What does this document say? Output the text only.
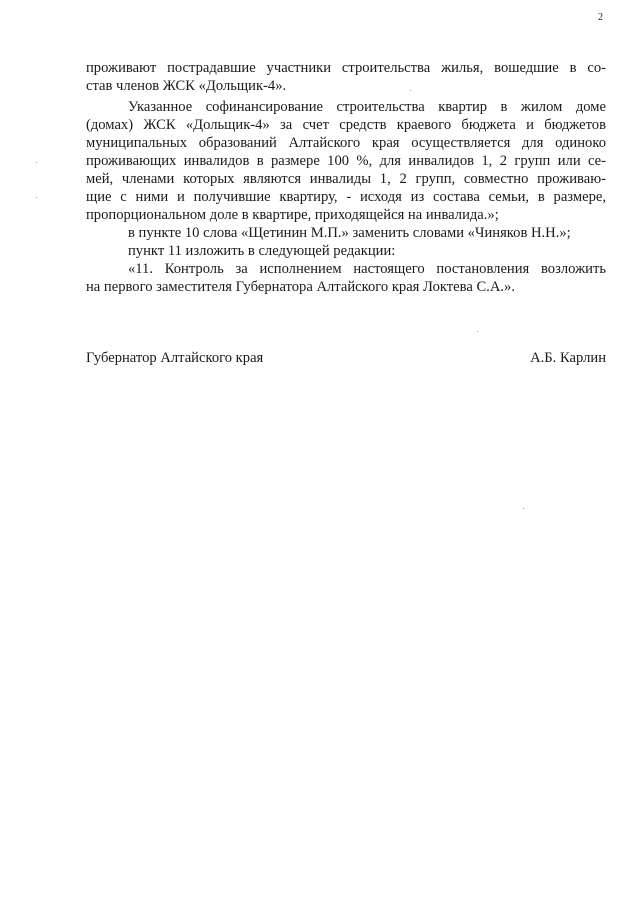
2
проживают пострадавшие участники строительства жилья, вошедшие в со-
став членов ЖСК «Дольщик-4».
Указанное софинансирование строительства квартир в жилом доме
(домах) ЖСК «Дольщик-4» за счет средств краевого бюджета и бюджетов
муниципальных образований Алтайского края осуществляется для одиноко
проживающих инвалидов в размере 100 %, для инвалидов 1, 2 групп или се-
мей, членами которых являются инвалиды 1, 2 групп, совместно проживаю-
щие с ними и получившие квартиру, - исходя из состава семьи, в размере,
пропорциональном доле в квартире, приходящейся на инвалида.»;
в пункте 10 слова «Щетинин М.П.» заменить словами «Чиняков Н.Н.»;
пункт 11 изложить в следующей редакции:
«11. Контроль за исполнением настоящего постановления возложить
на первого заместителя Губернатора Алтайского края Локтева С.А.».
Губернатор Алтайского края	А.Б. Карлин
